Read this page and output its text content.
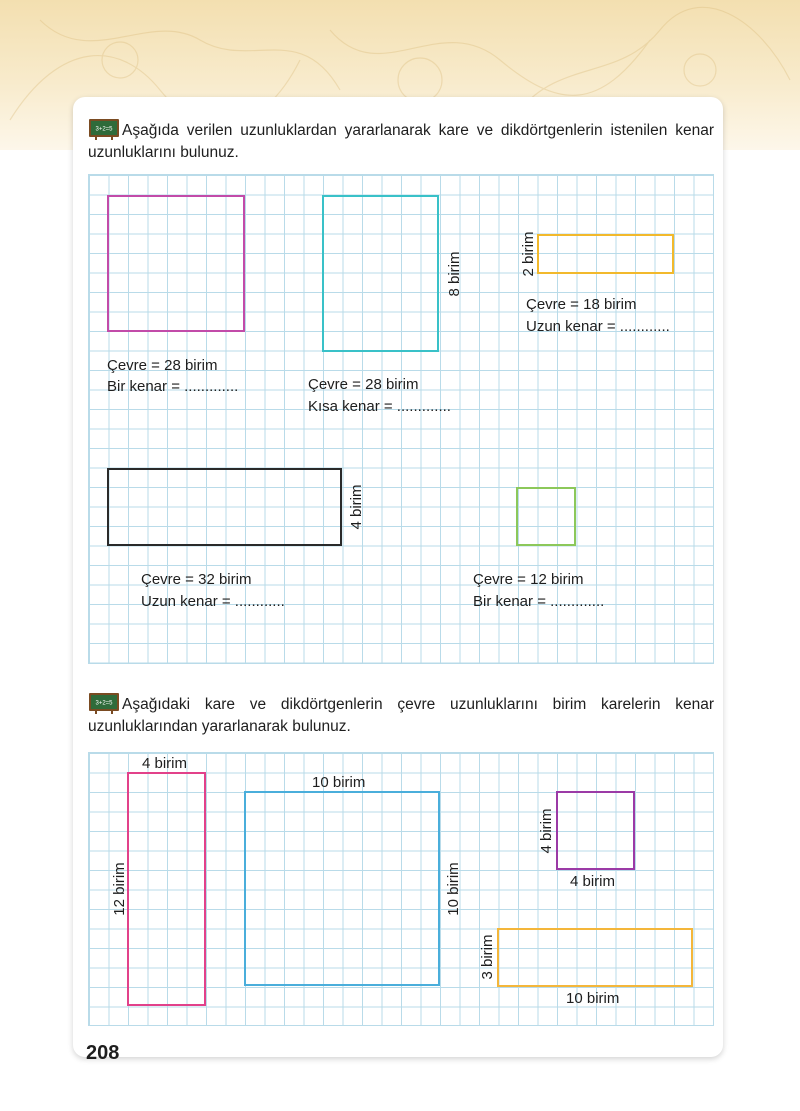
3+2=5 Aşağıda verilen uzunluklardan yararlanarak kare ve dikdörtgenlerin istenilen kenar uzunluklarını bulunuz.
Çevre = 28 birim
Bir kenar = .............
8 birim
Çevre = 28 birim
Kısa kenar = .............
2 birim
Çevre = 18 birim
Uzun kenar = ............
4 birim
Çevre = 32 birim
Uzun kenar = ............
Çevre = 12 birim
Bir kenar = .............
3+2=5 Aşağıdaki kare ve dikdörtgenlerin çevre uzunluklarını birim karelerin kenar uzunluklarından yararlanarak bulunuz.
4 birim
12 birim
10 birim
10 birim
4 birim
4 birim
3 birim
10 birim
208
